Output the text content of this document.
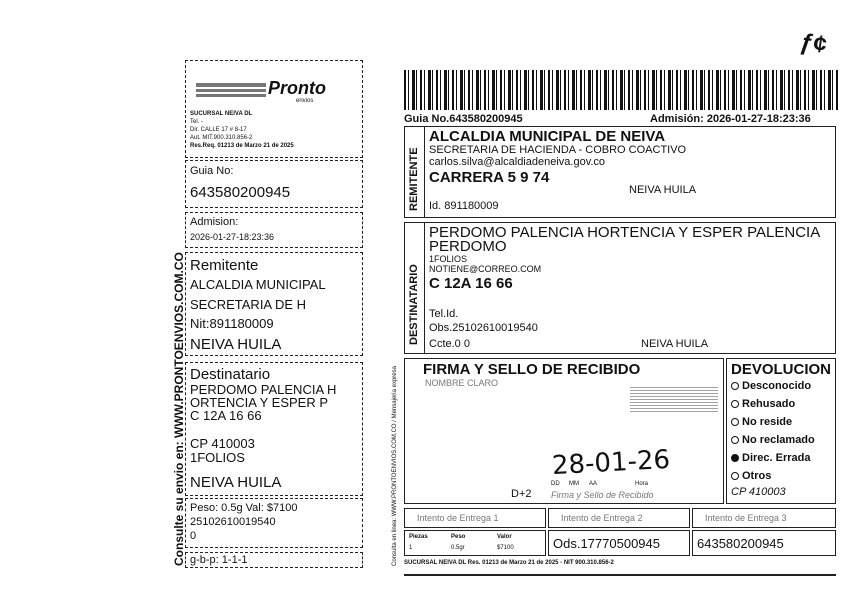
ƒ¢
Consulte su envio en: WWW.PRONTOENVIOS.COM.CO
Pronto
envios
SUCURSAL NEIVA DL
Tel. -
Dir. CALLE 17 # 8-17
Aut. MIT.900.310.856-2
Res.Req. 01213 de Marzo 21 de 2025
Guia No:
643580200945
Admision:
2026-01-27-18:23:36
Remitente
ALCALDIA MUNICIPAL
SECRETARIA DE H
Nit:891180009
NEIVA HUILA
Destinatario
PERDOMO PALENCIA H
ORTENCIA Y ESPER P
C 12A 16 66
CP 410003
1FOLIOS
NEIVA HUILA
Peso: 0.5g Val: $7100
25102610019540
0
g-b-p: 1-1-1
Guia No.643580200945	Admisión: 2026-01-27-18:23:36
Consulta en linea: WWW.PRONTOENVIOS.COM.CO / Mensajeria expresa
REMITENTE
ALCALDIA MUNICIPAL DE NEIVA
SECRETARIA DE HACIENDA - COBRO COACTIVO
carlos.silva@alcaldiadeneiva.gov.co
CARRERA 5 9 74
NEIVA HUILA
Id. 891180009
DESTINATARIO
PERDOMO PALENCIA HORTENCIA Y ESPER PALENCIA
PERDOMO
1FOLIOS
NOTIENE@CORREO.COM
C 12A 16 66
Tel.Id.
Obs.25102610019540
Ccte.0 0	NEIVA HUILA
FIRMA Y SELLO DE RECIBIDO
NOMBRE CLARO
DD MM AA	Hora
D+2 Firma y Sello de Recibido
28-01-26
DEVOLUCION
Desconocido
Rehusado
No reside
No reclamado
Direc. Errada
Otros
CP 410003
Intento de Entrega 1	Intento de Entrega 2	Intento de Entrega 3
Piezas	Peso	Valor
1	0.5gr	$7100	Ods.17770500945	643580200945
SUCURSAL NEIVA DL Res. 01213 de Marzo 21 de 2025 - NIT 900.310.856-2
